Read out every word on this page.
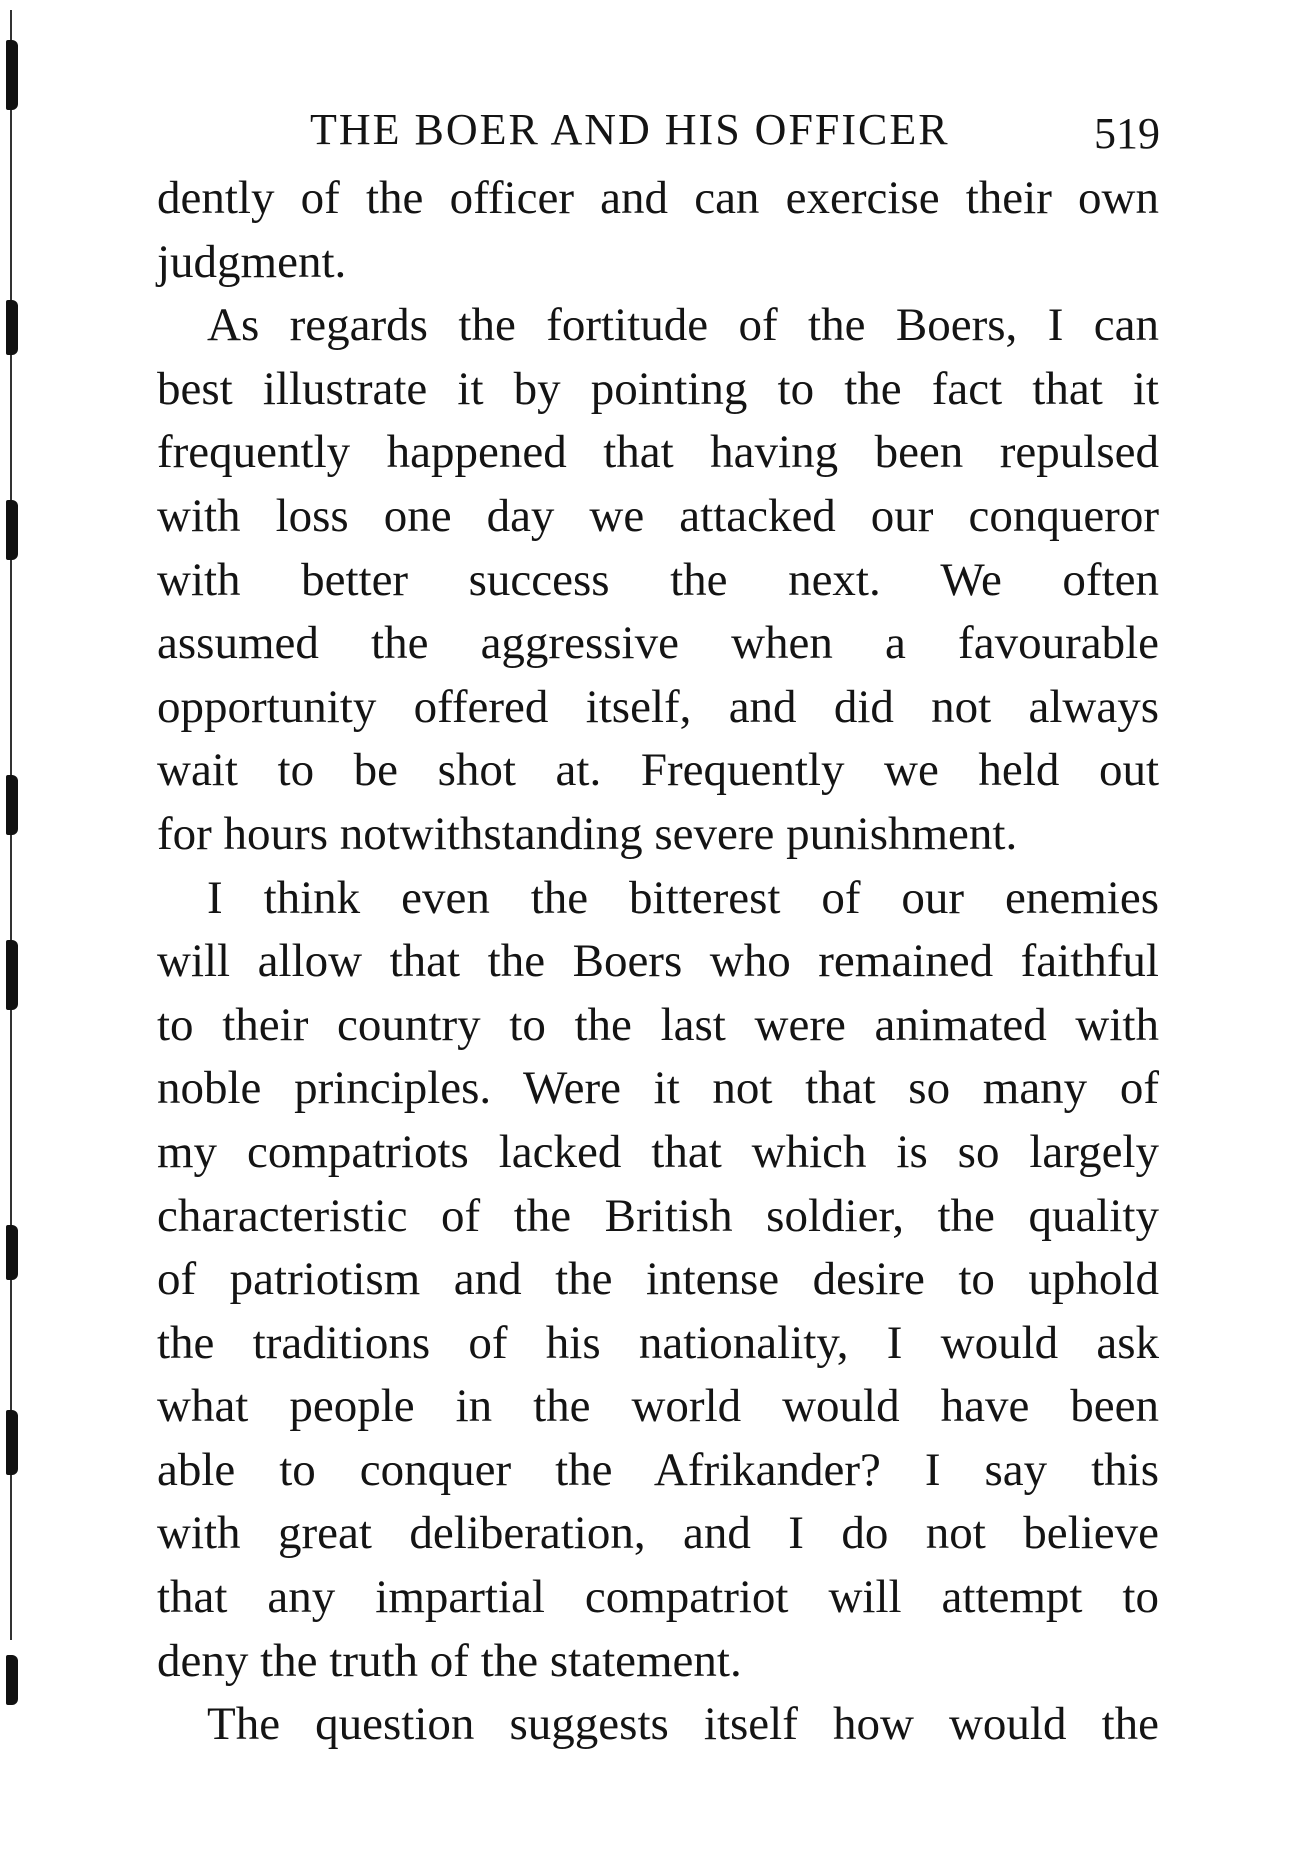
THE BOER AND HIS OFFICER	519
dently of the officer and can exercise their own
judgment.
As regards the fortitude of the Boers, I can
best illustrate it by pointing to the fact that it
frequently happened that having been repulsed
with loss one day we attacked our conqueror
with better success the next. We often
assumed the aggressive when a favourable
opportunity offered itself, and did not always
wait to be shot at. Frequently we held out
for hours notwithstanding severe punishment.
I think even the bitterest of our enemies
will allow that the Boers who remained faithful
to their country to the last were animated with
noble principles. Were it not that so many of
my compatriots lacked that which is so largely
characteristic of the British soldier, the quality
of patriotism and the intense desire to uphold
the traditions of his nationality, I would ask
what people in the world would have been
able to conquer the Afrikander? I say this
with great deliberation, and I do not believe
that any impartial compatriot will attempt to
deny the truth of the statement.
The question suggests itself how would the
